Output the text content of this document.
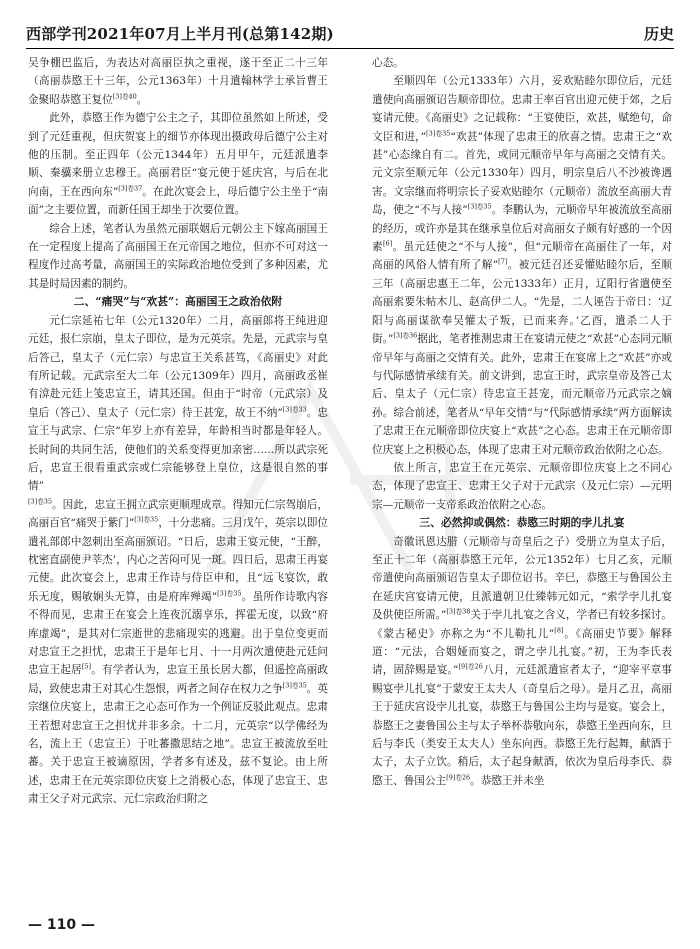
西部学刊2021年07月上半月刊(总第142期)	历史

吴争棚巴监后，为表达对高丽臣执之重视，遂干至正二十三年（高丽恭愍王十三年，公元1363年）十月遣翰林学士承旨曹王金聚昭恭愍王复位$^{[3]卷40}$。

此外，恭愍王作为德宁公主之子，其即位虽然如上所述，受到了元廷重视，但庆贺宴上的细节亦体现出摄政母后德宁公主对他的压制。至正四年（公元1344年）五月甲午，元廷派遣李顺、秦骥来册立忠穆王。高丽君臣“宴元使于延庆宫，与后在北向南，王在西向东”$^{[3]卷37}$。在此次宴会上，母后德宁公主坐于“南面”之主要位置，而新任国王却坐于次要位置。

综合上述，笔者认为虽然元丽联姻后元朝公主下嫁高丽国王在一定程度上提高了高丽国王在元帝国之地位，但亦不可对这一程度作过高考量，高丽国王的实际政治地位受到了多种因素，尤其是时局因素的制约。

二、“痛哭”与“欢甚”：高丽国王之政治依附

元仁宗延祐七年（公元1320年）二月，高丽郎将王纯进迎元廷，报仁宗崩，皇太子即位，是为元英宗。先是，元武宗与皇后答己，皇太子（元仁宗）与忠宣王关系甚笃，《高丽史》对此有所记载。元武宗至大二年（公元1309年）四月，高丽政丞崔有渰赴元廷上笺忠宣王，请其还国。但由于“时帝（元武宗）及皇后（答己）、皇太子（元仁宗）待王甚宠，故王不纳”$^{[3]卷33}$。忠宣王与武宗、仁宗“年岁上亦有差异，年龄相当时都是年轻人。长时间的共同生活，使他们的关系变得更加亲密……所以武宗死后，忠宣王很看重武宗或仁宗能够登上皇位，这是很自然的事情”

$^{[3]卷35}$。因此，忠宣王拥立武宗更顺理成章。得知元仁宗驾崩后，高丽百官“痛哭于紫门”$^{[3]卷35}$，十分悲痛。三月戊午，英宗以即位遣礼部郎中忽刺出至高丽颁诏。“日后，忠肃王宴元使，“王醉，枕密直副使尹莘杰’，内心之苦闷可见一斑。四日后，思肃王再宴元使。此次宴会上，忠肃王作诗与侍臣申和，且“远飞宴饮，敢乐无度，赐敏娴头无算，由是府库殚竭”$^{[3]卷35}$。虽所作诗歌内容不得而见，忠肃王在宴会上连夜沉溺享乐，挥霍无度，以致“府库虚竭”，是其对仁宗逝世的悲痛现实的逃避。出于皇位变更而对忠宣王之担忧，忠肃王于是年七月、十一月两次遣使赴元廷问忠宣王起居[5]。有学者认为，忠宣王虽长居大都，但遥控高丽政局，致使忠肃王对其心生怨恨，两者之间存在权力之争$^{[3]卷35}$。英宗继位庆宴上，忠肃王之心态可作为一个例证反驳此观点。忠肃王若想对忠宣王之担忧并非多余。十二月，元英宗“以学佛经为名，流上王（忠宣王）于吐蕃撒思结之地”。忠宣王被流放至吐蕃。关于忠宣王被谪原因，学者多有述及，兹不复论。由上所述，忠肃王在元英宗即位庆宴上之消极心态，体现了忠宣王、忠肃王父子对元武宗、元仁宗政治归附之

心态。

至顺四年（公元1333年）六月，妥欢贴睦尔即位后，元廷遣使向高丽颁诏告顺帝即位。忠肃王率百官出迎元使于郊，之后宴请元使。《高丽史》之记载称：“王宴使臣，欢甚，赋绝句，命文臣和进，”$^{[3]卷35}$“欢甚”体现了忠肃王的欣喜之情。忠肃王之“欢甚”心态缘自有二。首先，或同元顺帝早年与高丽之交情有关。元文宗至顺元年（公元1330年）四月，明宗皇后八不沙被谗遇害。文宗继而将明宗长子妥欢贴睦尔（元顺帝）流放至高丽大青岛，使之“不与人接”$^{[3]卷35}$。李鹏认为，元顺帝早年被流放至高丽的经历，或许亦是其在继承皇位后对高丽女子颇有好感的一个因素[6]。虽元廷使之“不与人接”，但“元顺帝在高丽住了一年，对高丽的风俗人情有所了解”[7]。被元廷召还妥懽贴睦尔后，至顺三年（高丽忠惠王二年，公元1333年）正月，辽阳行省遣使至高丽索要朱帖木儿、赵高伊二人。“先是，二人诬告于帝日：‘辽阳与高丽谋欲奉吴懽太子叛，已而来奔。’乙酉，遣杀二人于街。”$^{[3]卷36}$据此，笔者推测忠肃王在宴请元使之“欢甚”心态同元顺帝早年与高丽之交情有关。此外，忠肃王在宴席上之“欢甚”亦或与代际感情承续有关。前文讲到，忠宣王时，武宗皇帝及答己太后、皇太子（元仁宗）待忠宣王甚宠，而元顺帝乃元武宗之嫡孙。综合前述，笔者从“早年交情”与“代际感情承续”两方面解读了忠肃王在元顺帝即位庆宴上“欢甚”之心态。忠肃王在元顺帝即位庆宴上之积极心态，体现了忠肃王对元顺帝政治依附之心态。

依上所言，忠宣王在元英宗、元顺帝即位庆宴上之不同心态，体现了忠宣王、忠肃王父子对于元武宗（及元仁宗）—元明宗—元顺帝一支帝系政治依附之心态。

三、必然抑或偶然：恭愍三时期的孛儿扎宴

奇徽讯恩达腊（元顺帝与奇皇后之子）受册立为皇太子后，至正十二年（高丽恭愍王元年，公元1352年）七月乙亥，元顺帝遣使向高丽颁诏告皇太子即位诏书。辛巳，恭愍王与鲁国公主在延庆宫宴请元使，且派遣朝卫仕臻韩元如元，“索学孛儿扎宴及供使臣所需。”$^{[3]卷38}$关于孛儿扎宴之含义，学者已有较多探讨。《蒙古秘史》亦称之为“不儿勒扎儿”[8]。《高丽史节要》解释道：“元法，合姻娅而宴之，谓之孛儿扎宴。”初，王为李氏表请，固辞赐是宴。”$^{[9]卷26}$八月，元廷派遣宦者太子，“迎宰平章事赐宴孛儿扎宴”于蒙安王太夫人（奇皇后之母）。是月乙丑，高丽王于延庆宫设孛儿扎宴，恭愍王与鲁国公主均与是宴。宴会上，恭愍王之妻鲁国公主与太子举杯恭敬向东，恭愍王坐西向东，旦后与李氏（类安王太夫人）坐东向西。恭愍王先行起舞，献酒于太子，太子立饮。稍后，太子起身献酒，依次为皇后母李氏、恭愍王、鲁国公主$^{[9]卷26}$。恭愍王并未坐

— 110 —
